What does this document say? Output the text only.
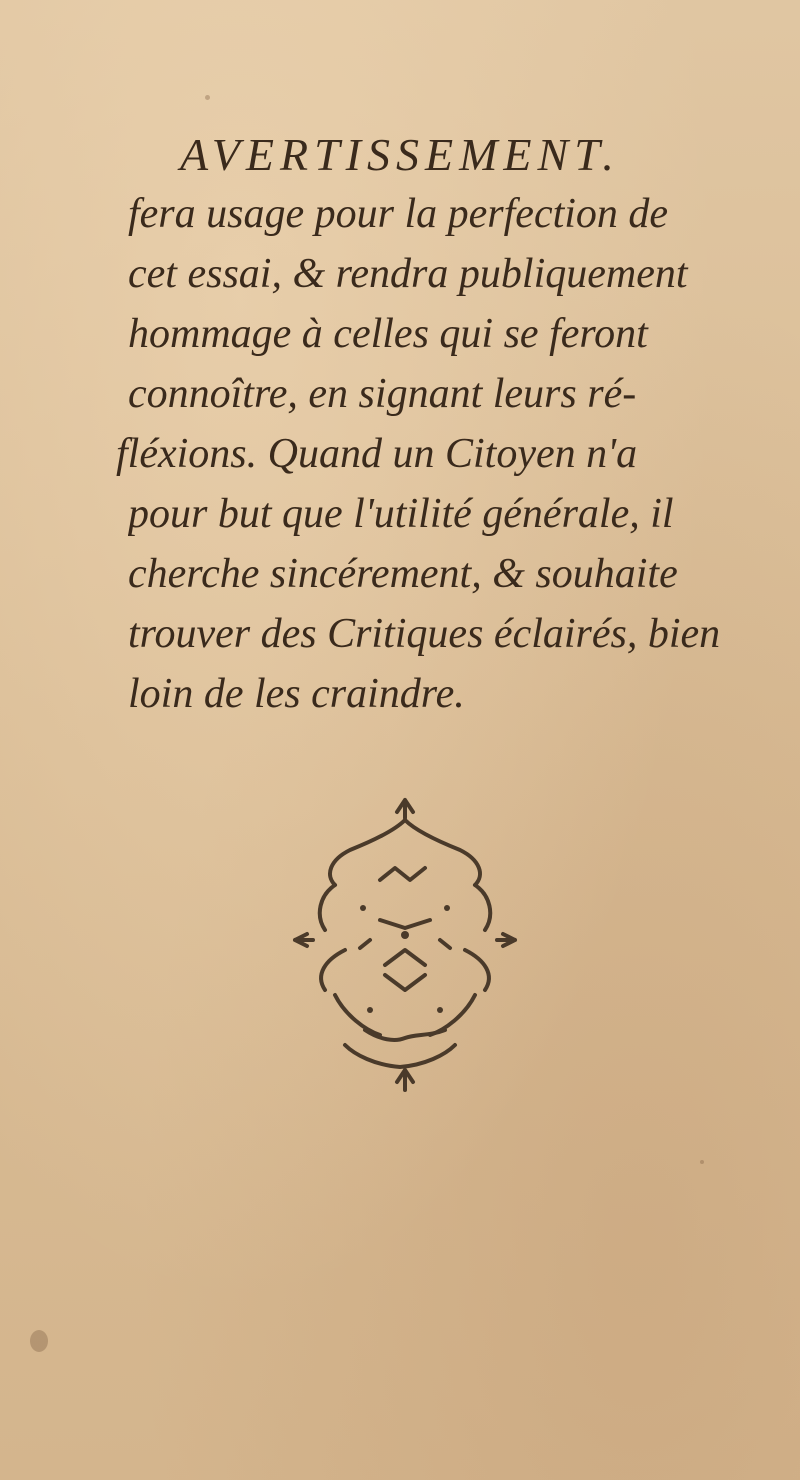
AVERTISSEMENT.
fera usage pour la perfection de
cet essai, & rendra publiquement
hommage à celles qui se feront
connoître, en signant leurs ré-
fléxions. Quand un Citoyen n'a
pour but que l'utilité générale, il
cherche sincérement, & souhaite
trouver des Critiques éclairés, bien
loin de les craindre.
